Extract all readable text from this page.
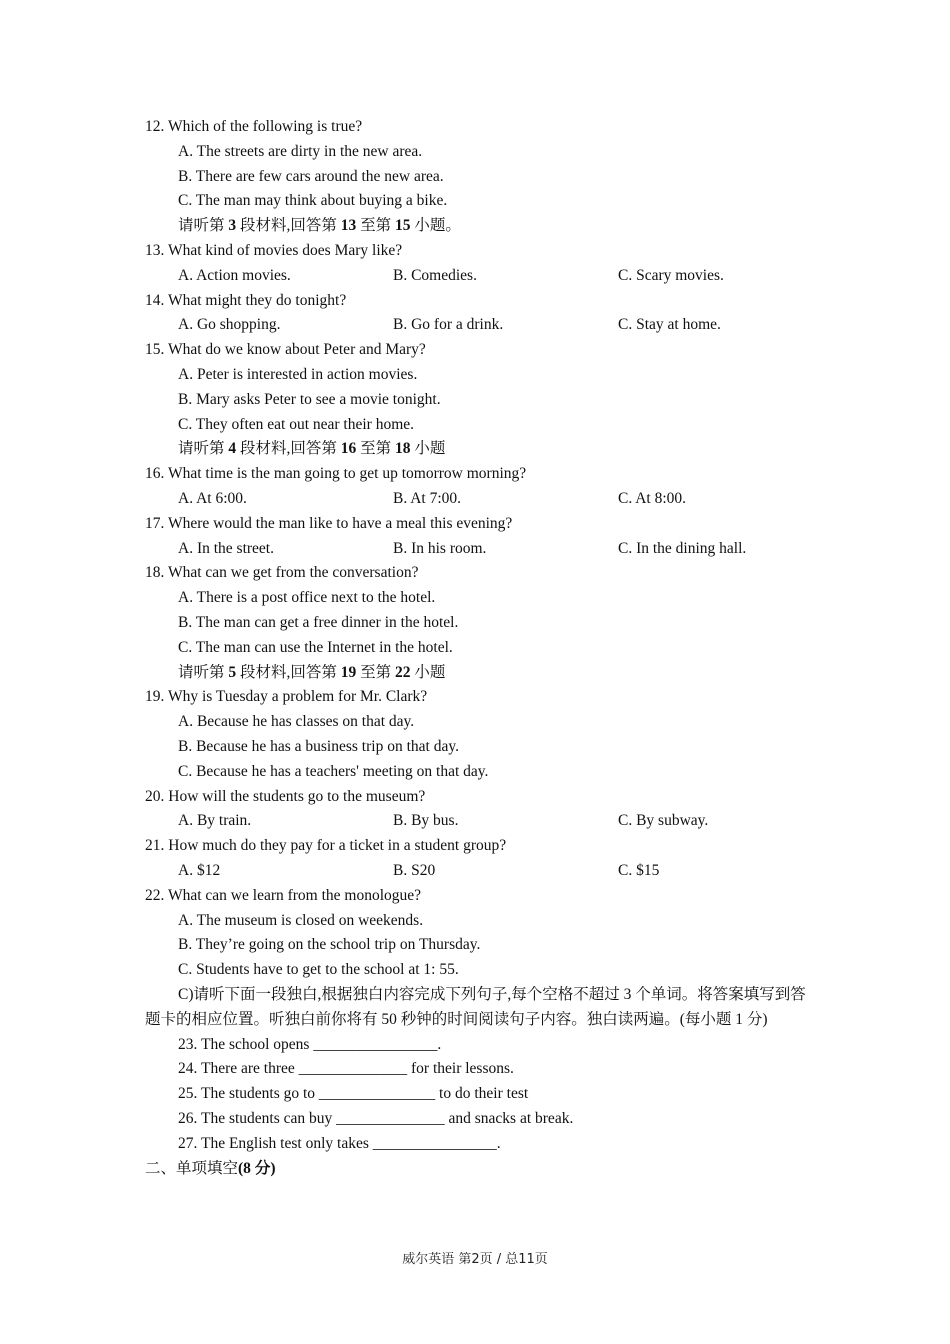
12. Which of the following is true?
A. The streets are dirty in the new area.
B. There are few cars around the new area.
C. The man may think about buying a bike.
请听第 3 段材料,回答第 13 至第 15 小题。
13. What kind of movies does Mary like?
A. Action movies.	B. Comedies.	C. Scary movies.
14. What might they do tonight?
A. Go shopping.	B. Go for a drink.	C. Stay at home.
15. What do we know about Peter and Mary?
A. Peter is interested in action movies.
B. Mary asks Peter to see a movie tonight.
C. They often eat out near their home.
请听第 4 段材料,回答第 16 至第 18 小题
16. What time is the man going to get up tomorrow morning?
A. At 6:00.	B. At 7:00.	C. At 8:00.
17. Where would the man like to have a meal this evening?
A. In the street.	B. In his room.	C. In the dining hall.
18. What can we get from the conversation?
A. There is a post office next to the hotel.
B. The man can get a free dinner in the hotel.
C. The man can use the Internet in the hotel.
请听第 5 段材料,回答第 19 至第 22 小题
19. Why is Tuesday a problem for Mr. Clark?
A. Because he has classes on that day.
B. Because he has a business trip on that day.
C. Because he has a teachers' meeting on that day.
20. How will the students go to the museum?
A. By train.	B. By bus.	C. By subway.
21. How much do they pay for a ticket in a student group?
A. $12	B. S20	C. $15
22. What can we learn from the monologue?
A. The museum is closed on weekends.
B. They’re going on the school trip on Thursday.
C. Students have to get to the school at 1: 55.
C)请听下面一段独白,根据独白内容完成下列句子,每个空格不超过 3 个单词。将答案填写到答题卡的相应位置。听独白前你将有 50 秒钟的时间阅读句子内容。独白读两遍。(每小题 1 分)
23. The school opens ________________.
24. There are three ______________ for their lessons.
25. The students go to _______________ to do their test
26. The students can buy ______________ and snacks at break.
27. The English test only takes ________________.
二、单项填空(8 分)
威尔英语 第2页 / 总11页
